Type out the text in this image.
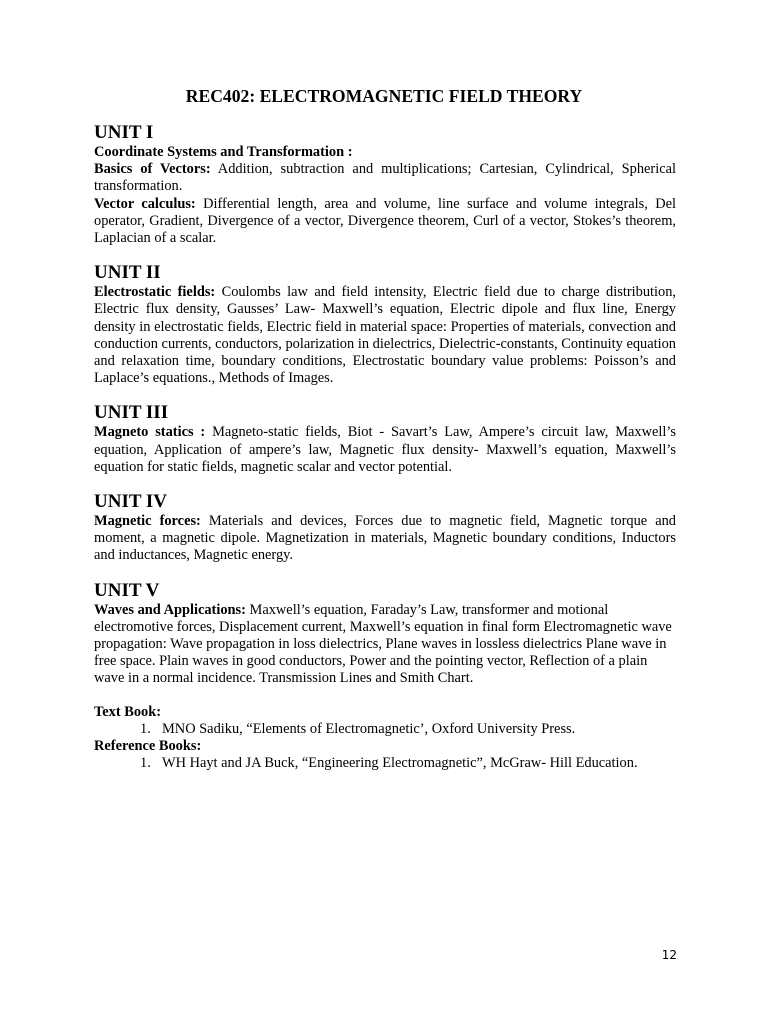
REC402: ELECTROMAGNETIC FIELD THEORY
UNIT I
Coordinate Systems and Transformation :

Basics of Vectors: Addition, subtraction and multiplications; Cartesian, Cylindrical, Spherical transformation.

Vector calculus: Differential length, area and volume, line surface and volume integrals, Del operator, Gradient, Divergence of a vector, Divergence theorem, Curl of a vector, Stokes’s theorem, Laplacian of a scalar.

UNIT II

Electrostatic fields: Coulombs law and field intensity, Electric field due to charge distribution, Electric flux density, Gausses’ Law- Maxwell’s equation, Electric dipole and flux line, Energy density in electrostatic fields, Electric field in material space: Properties of materials, convection and conduction currents, conductors, polarization in dielectrics, Dielectric-constants, Continuity equation and relaxation time, boundary conditions, Electrostatic boundary value problems: Poisson’s and Laplace’s equations., Methods of Images.

UNIT III

Magneto statics : Magneto-static fields, Biot - Savart’s Law, Ampere’s circuit law, Maxwell’s equation, Application of ampere’s law, Magnetic flux density- Maxwell’s equation, Maxwell’s equation for static fields, magnetic scalar and vector potential.

UNIT IV

Magnetic forces: Materials and devices, Forces due to magnetic field, Magnetic torque and moment, a magnetic dipole. Magnetization in materials, Magnetic boundary conditions, Inductors and inductances, Magnetic energy.

UNIT V

Waves and Applications: Maxwell’s equation, Faraday’s Law, transformer and motional electromotive forces, Displacement current, Maxwell’s equation in final form Electromagnetic wave propagation: Wave propagation in loss dielectrics, Plane waves in lossless dielectrics Plane wave in free space. Plain waves in good conductors, Power and the pointing vector, Reflection of a plain wave in a normal incidence. Transmission Lines and Smith Chart.

Text Book:
1. MNO Sadiku, “Elements of Electromagnetic’, Oxford University Press.
Reference Books:
1. WH Hayt and JA Buck, “Engineering Electromagnetic”, McGraw- Hill Education.
12
